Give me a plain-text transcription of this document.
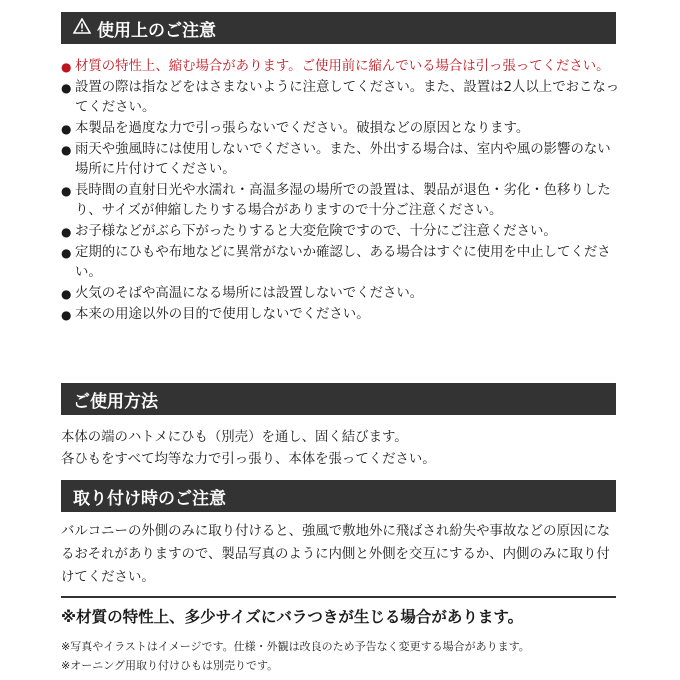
使用上のご注意
● 材質の特性上、縮む場合があります。ご使用前に縮んでいる場合は引っ張ってください。
● 設置の際は指などをはさまないように注意してください。また、設置は2人以上でおこなってください。
● 本製品を過度な力で引っ張らないでください。破損などの原因となります。
● 雨天や強風時には使用しないでください。また、外出する場合は、室内や風の影響のない場所に片付けてください。
● 長時間の直射日光や水濡れ・高温多湿の場所での設置は、製品が退色・劣化・色移りしたり、サイズが伸縮したりする場合がありますので十分ご注意ください。
● お子様などがぶら下がったりすると大変危険ですので、十分にご注意ください。
● 定期的にひもや布地などに異常がないか確認し、ある場合はすぐに使用を中止してください。
● 火気のそばや高温になる場所には設置しないでください。
● 本来の用途以外の目的で使用しないでください。
ご使用方法

本体の端のハトメにひも（別売）を通し、固く結びます。

各ひもをすべて均等な力で引っ張り、本体を張ってください。

取り付け時のご注意

バルコニーの外側のみに取り付けると、強風で敷地外に飛ばされ紛失や事故などの原因になるおそれがありますので、製品写真のように内側と外側を交互にするか、内側のみに取り付けてください。

※材質の特性上、多少サイズにバラつきが生じる場合があります。

※写真やイラストはイメージです。仕様・外観は改良のため予告なく変更する場合があります。

※オーニング用取り付けひもは別売りです。
